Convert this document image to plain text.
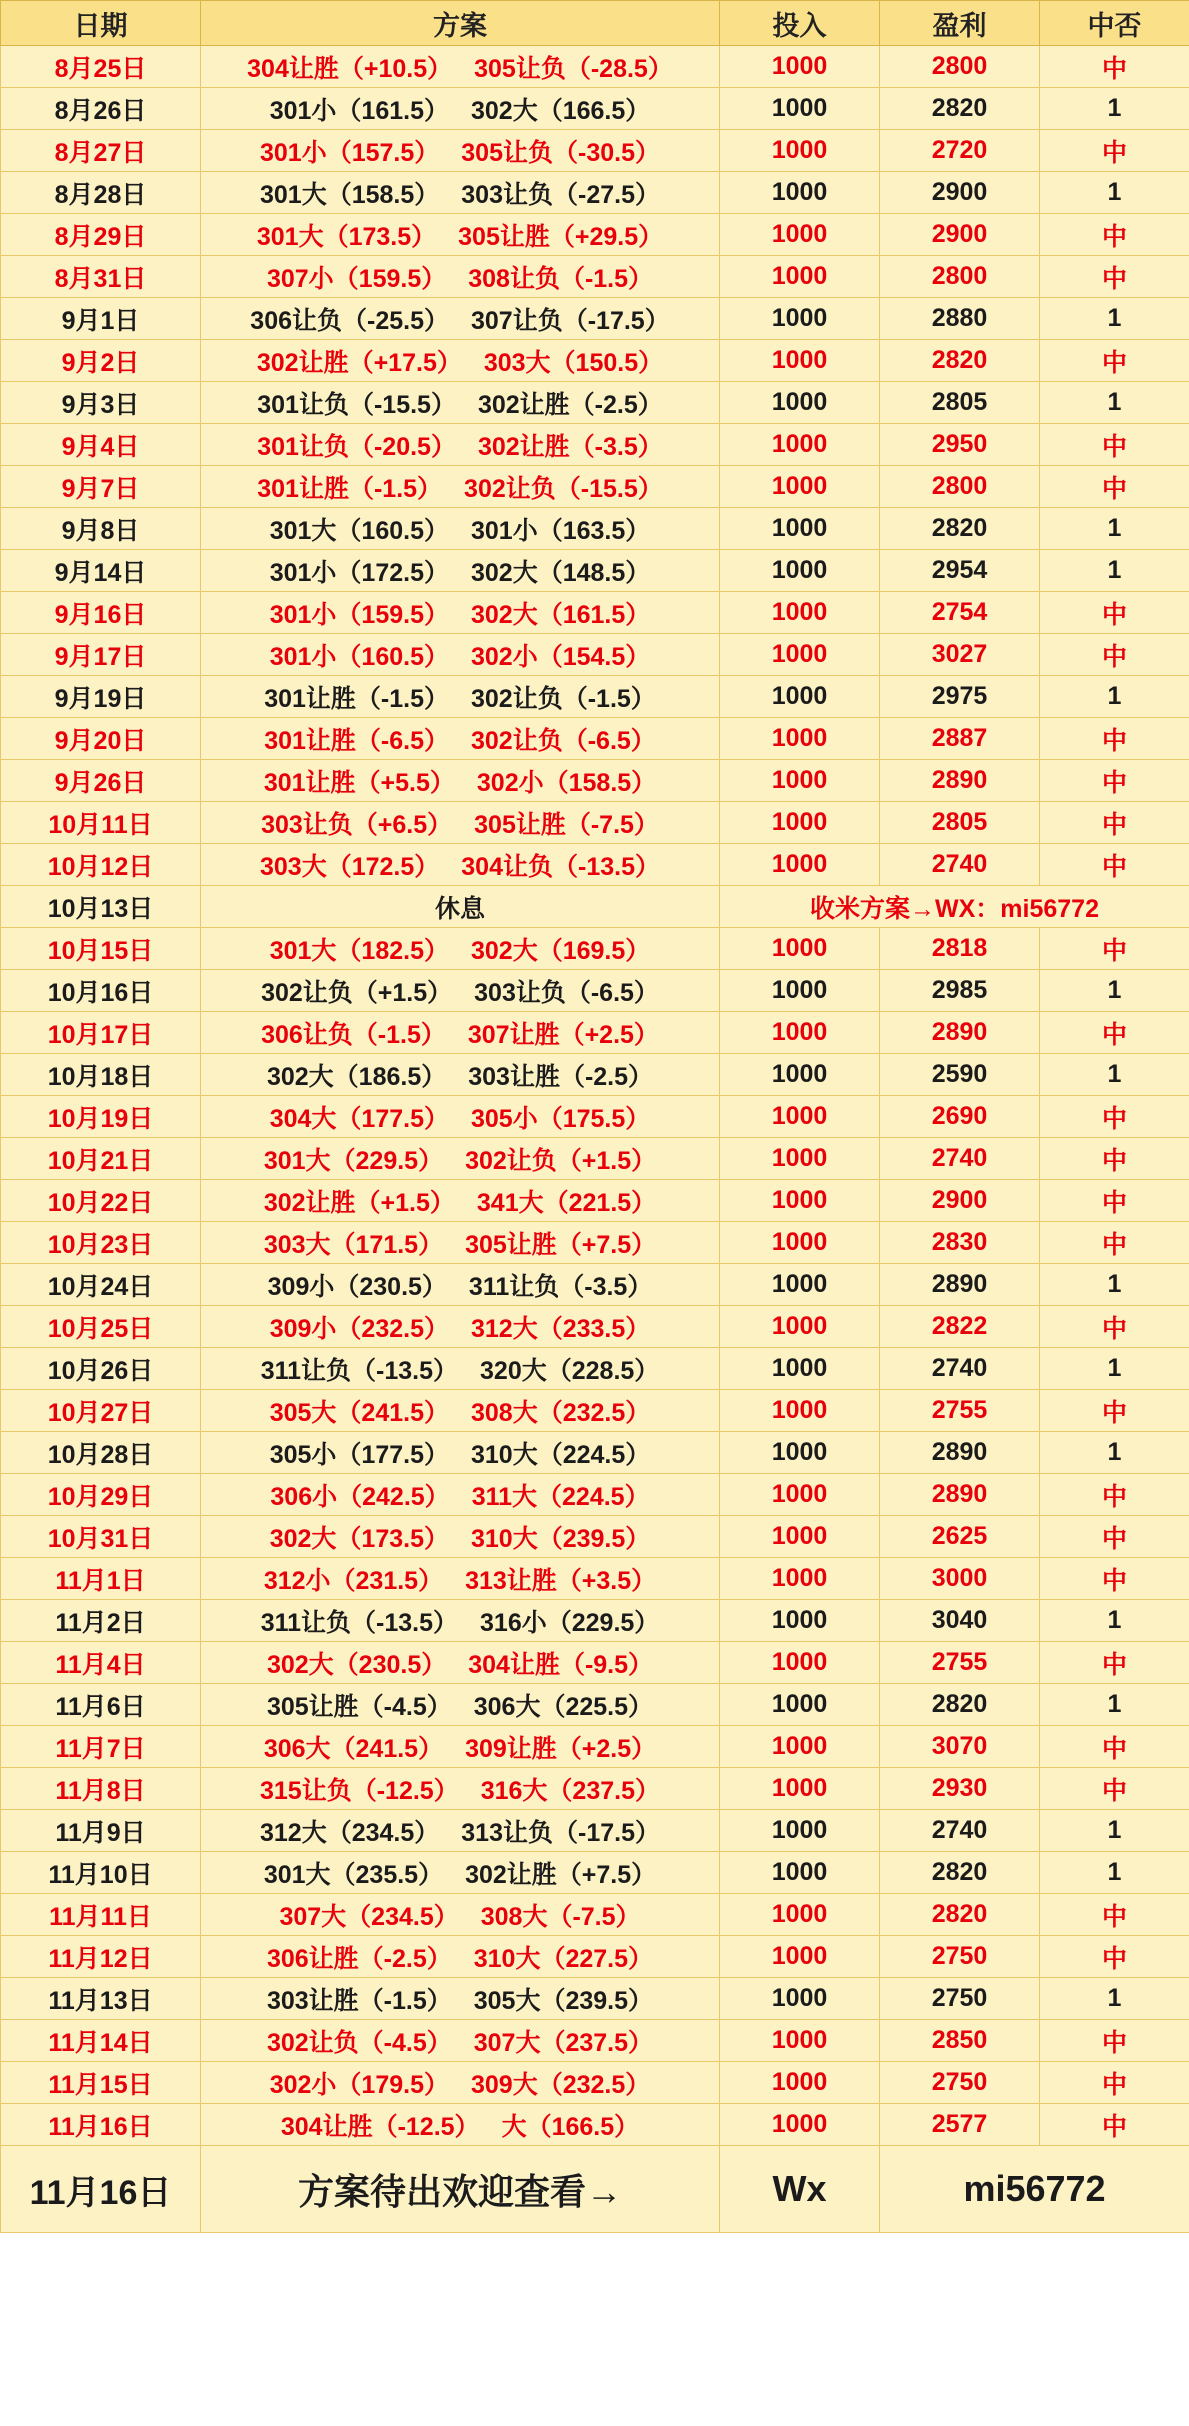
日期	方案	投入	盈利	中否
8月25日	304让胜（+10.5） 305让负（-28.5）	1000	2800	中
8月26日	301小（161.5） 302大（166.5）	1000	2820	1
8月27日	301小（157.5） 305让负（-30.5）	1000	2720	中
8月28日	301大（158.5） 303让负（-27.5）	1000	2900	1
8月29日	301大（173.5） 305让胜（+29.5）	1000	2900	中
8月31日	307小（159.5） 308让负（-1.5）	1000	2800	中
9月1日	306让负（-25.5） 307让负（-17.5）	1000	2880	1
9月2日	302让胜（+17.5） 303大（150.5）	1000	2820	中
9月3日	301让负（-15.5） 302让胜（-2.5）	1000	2805	1
9月4日	301让负（-20.5） 302让胜（-3.5）	1000	2950	中
9月7日	301让胜（-1.5） 302让负（-15.5）	1000	2800	中
9月8日	301大（160.5） 301小（163.5）	1000	2820	1
9月14日	301小（172.5） 302大（148.5）	1000	2954	1
9月16日	301小（159.5） 302大（161.5）	1000	2754	中
9月17日	301小（160.5） 302小（154.5）	1000	3027	中
9月19日	301让胜（-1.5） 302让负（-1.5）	1000	2975	1
9月20日	301让胜（-6.5） 302让负（-6.5）	1000	2887	中
9月26日	301让胜（+5.5） 302小（158.5）	1000	2890	中
10月11日	303让负（+6.5） 305让胜（-7.5）	1000	2805	中
10月12日	303大（172.5） 304让负（-13.5）	1000	2740	中
10月13日	休息	收米方案→WX：mi56772		
10月15日	301大（182.5） 302大（169.5）	1000	2818	中
10月16日	302让负（+1.5） 303让负（-6.5）	1000	2985	1
10月17日	306让负（-1.5） 307让胜（+2.5）	1000	2890	中
10月18日	302大（186.5） 303让胜（-2.5）	1000	2590	1
10月19日	304大（177.5） 305小（175.5）	1000	2690	中
10月21日	301大（229.5） 302让负（+1.5）	1000	2740	中
10月22日	302让胜（+1.5） 341大（221.5）	1000	2900	中
10月23日	303大（171.5） 305让胜（+7.5）	1000	2830	中
10月24日	309小（230.5） 311让负（-3.5）	1000	2890	1
10月25日	309小（232.5） 312大（233.5）	1000	2822	中
10月26日	311让负（-13.5） 320大（228.5）	1000	2740	1
10月27日	305大（241.5） 308大（232.5）	1000	2755	中
10月28日	305小（177.5） 310大（224.5）	1000	2890	1
10月29日	306小（242.5） 311大（224.5）	1000	2890	中
10月31日	302大（173.5） 310大（239.5）	1000	2625	中
11月1日	312小（231.5） 313让胜（+3.5）	1000	3000	中
11月2日	311让负（-13.5） 316小（229.5）	1000	3040	1
11月4日	302大（230.5） 304让胜（-9.5）	1000	2755	中
11月6日	305让胜（-4.5） 306大（225.5）	1000	2820	1
11月7日	306大（241.5） 309让胜（+2.5）	1000	3070	中
11月8日	315让负（-12.5） 316大（237.5）	1000	2930	中
11月9日	312大（234.5） 313让负（-17.5）	1000	2740	1
11月10日	301大（235.5） 302让胜（+7.5）	1000	2820	1
11月11日	307大（234.5） 308大（-7.5）	1000	2820	中
11月12日	306让胜（-2.5） 310大（227.5）	1000	2750	中
11月13日	303让胜（-1.5） 305大（239.5）	1000	2750	1
11月14日	302让负（-4.5） 307大（237.5）	1000	2850	中
11月15日	302小（179.5） 309大（232.5）	1000	2750	中
11月16日	304让胜（-12.5） 大（166.5）	1000	2577	中
11月16日	方案待出欢迎查看→	Wx	mi56772	
